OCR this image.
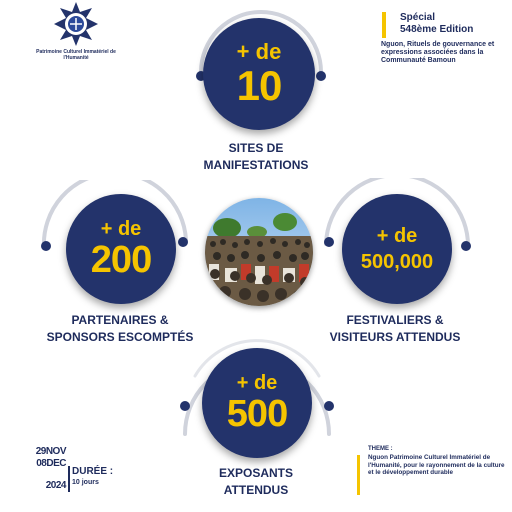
Patrimoine Culturel Immatériel de l'Humanité
Spécial
548ème Edition
Nguon, Rituels de gouvernance et expressions associées dans la Communauté Bamoun
+ de
10
SITES DE
MANIFESTATIONS
+ de
200
PARTENAIRES &
SPONSORS ESCOMPTÉS
+ de
500,000
FESTIVALIERS &
VISITEURS ATTENDUS
+ de
500
EXPOSANTS
ATTENDUS
29NOV
08DEC
2024
DURÉE :
10 jours
THEME :
Nguon Patrimoine Culturel Immatériel de l'Humanité, pour le rayonnement de la culture et le développement durable
